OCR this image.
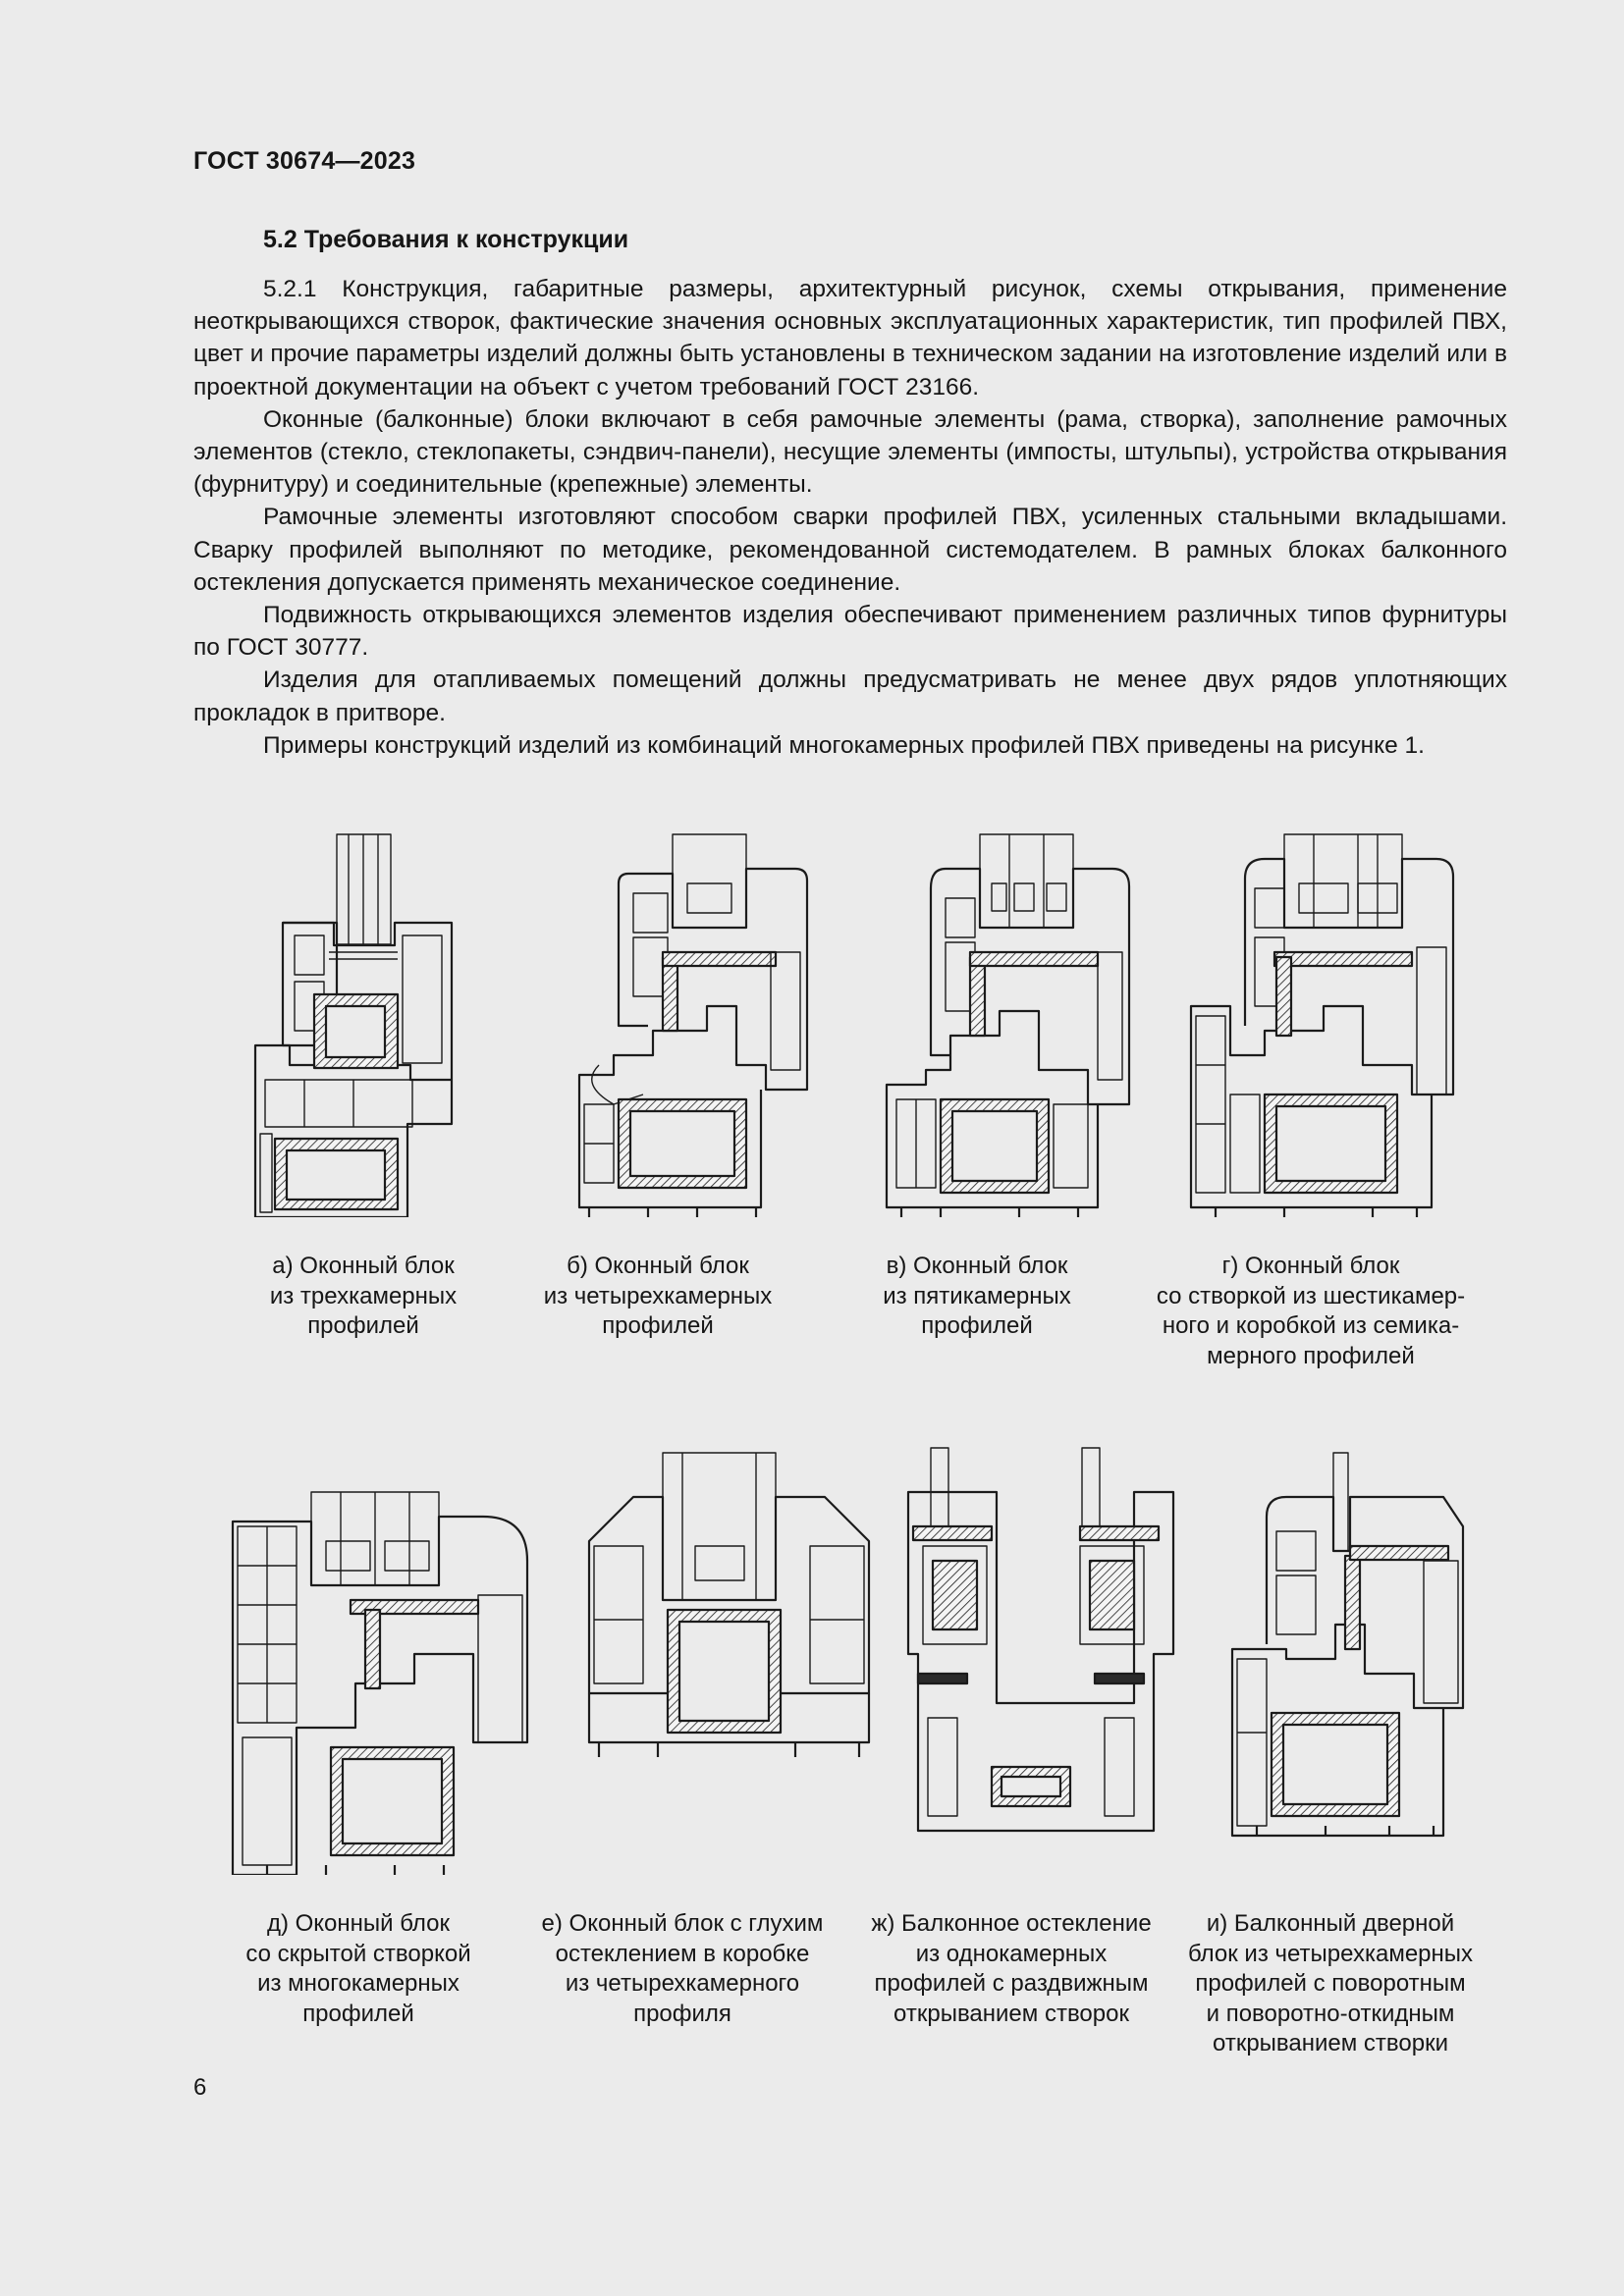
ГОСТ 30674—2023
5.2 Требования к конструкции

5.2.1 Конструкция, габаритные размеры, архитектурный рисунок, схемы открывания, применение неоткрывающихся створок, фактические значения основных эксплуатационных характеристик, тип профилей ПВХ, цвет и прочие параметры изделий должны быть установлены в техническом задании на изготовление изделий или в проектной документации на объект с учетом требований ГОСТ 23166.

Оконные (балконные) блоки включают в себя рамочные элементы (рама, створка), заполнение рамочных элементов (стекло, стеклопакеты, сэндвич-панели), несущие элементы (импосты, штульпы), устройства открывания (фурнитуру) и соединительные (крепежные) элементы.

Рамочные элементы изготовляют способом сварки профилей ПВХ, усиленных стальными вкладышами. Сварку профилей выполняют по методике, рекомендованной системодателем. В рамных блоках балконного остекления допускается применять механическое соединение.

Подвижность открывающихся элементов изделия обеспечивают применением различных типов фурнитуры по ГОСТ 30777.

Изделия для отапливаемых помещений должны предусматривать не менее двух рядов уплотняющих прокладок в притворе.

Примеры конструкций изделий из комбинаций многокамерных профилей ПВХ приведены на рисунке 1.

а) Оконный блок
из трехкамерных
профилей
б) Оконный блок
из четырехкамерных
профилей
в) Оконный блок
из пятикамерных
профилей
г) Оконный блок
со створкой из шестикамер-
ного и коробкой из семика-
мерного профилей
д) Оконный блок
со скрытой створкой
из многокамерных
профилей
е) Оконный блок с глухим
остеклением в коробке
из четырехкамерного
профиля
ж) Балконное остекление
из однокамерных
профилей с раздвижным
открыванием створок
и) Балконный дверной
блок из четырехкамерных
профилей с поворотным
и поворотно-откидным
открыванием створки
6
